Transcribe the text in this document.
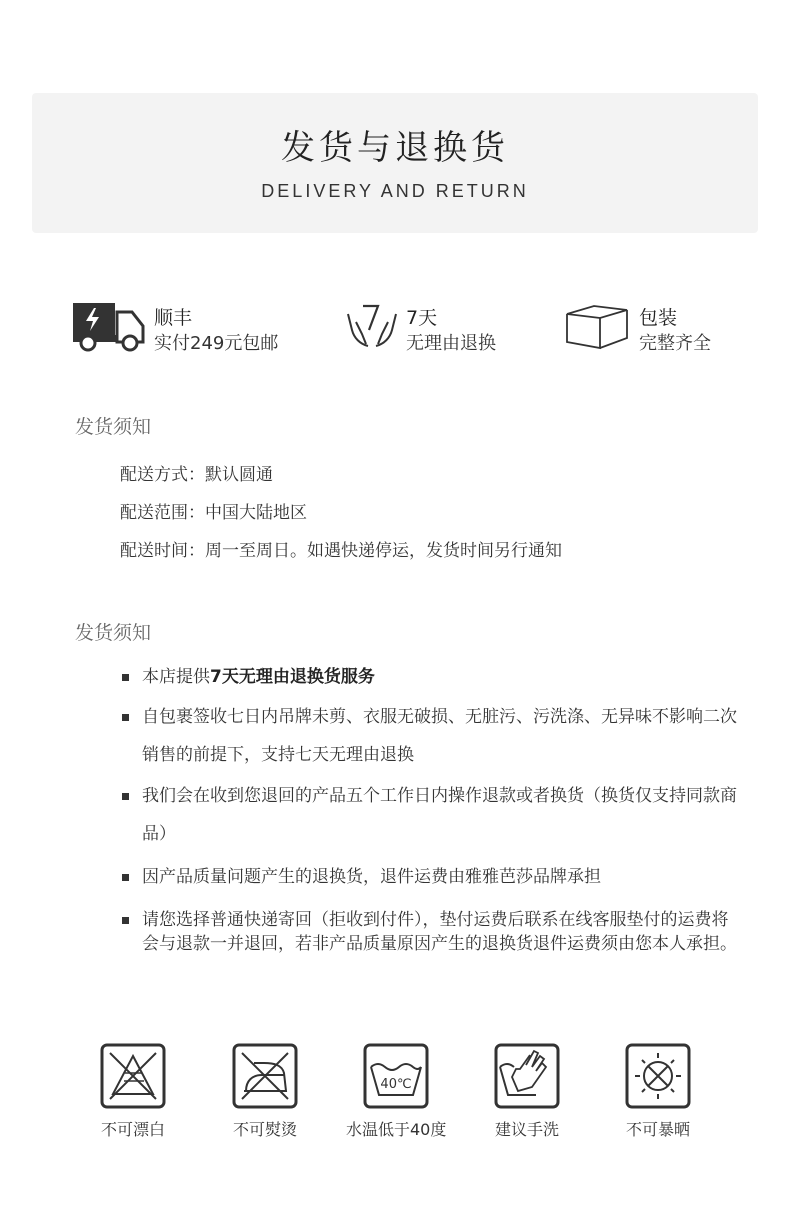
发货与退换货
DELIVERY AND RETURN
顺丰
实付249元包邮
7天
无理由退换
包装
完整齐全
发货须知
配送方式：默认圆通
配送范围：中国大陆地区
配送时间：周一至周日。如遇快递停运，发货时间另行通知
发货须知
本店提供7天无理由退换货服务
自包裹签收七日内吊牌未剪、衣服无破损、无脏污、污洗涤、无异味不影响二次销售的前提下，支持七天无理由退换
我们会在收到您退回的产品五个工作日内操作退款或者换货（换货仅支持同款商品）
因产品质量问题产生的退换货，退件运费由雅雅芭莎品牌承担
请您选择普通快递寄回（拒收到付件），垫付运费后联系在线客服垫付的运费将会与退款一并退回，若非产品质量原因产生的退换货退件运费须由您本人承担。
不可漂白	不可熨烫
40℃
水温低于40度	建议手洗	不可暴晒
